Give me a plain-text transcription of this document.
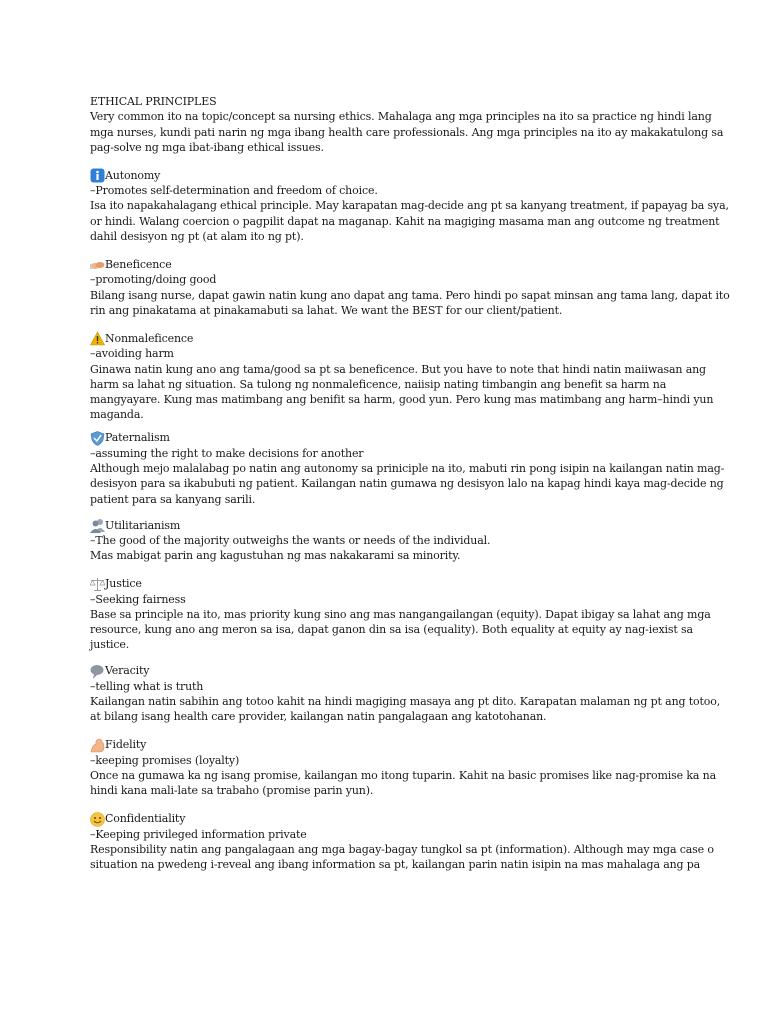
ETHICAL PRINCIPLES
Very common ito na topic/concept sa nursing ethics. Mahalaga ang mga principles na ito sa practice ng hindi lang
mga nurses, kundi pati narin ng mga ibang health care professionals. Ang mga principles na ito ay makakatulong sa
pag-solve ng mga ibat-ibang ethical issues.
Autonomy
–Promotes self-determination and freedom of choice.
Isa ito napakahalagang ethical principle. May karapatan mag-decide ang pt sa kanyang treatment, if papayag ba sya,
or hindi. Walang coercion o pagpilit dapat na maganap. Kahit na magiging masama man ang outcome ng treatment
dahil desisyon ng pt (at alam ito ng pt).
Beneficence
–promoting/doing good
Bilang isang nurse, dapat gawin natin kung ano dapat ang tama. Pero hindi po sapat minsan ang tama lang, dapat ito
rin ang pinakatama at pinakamabuti sa lahat. We want the BEST for our client/patient.
Nonmaleficence
–avoiding harm
Ginawa natin kung ano ang tama/good sa pt sa beneficence. But you have to note that hindi natin maiiwasan ang
harm sa lahat ng situation. Sa tulong ng nonmaleficence, naiisip nating timbangin ang benefit sa harm na
mangyayare. Kung mas matimbang ang benifit sa harm, good yun. Pero kung mas matimbang ang harm–hindi yun
maganda.
Paternalism
–assuming the right to make decisions for another
Although mejo malalabag po natin ang autonomy sa priniciple na ito, mabuti rin pong isipin na kailangan natin mag-
desisyon para sa ikabubuti ng patient. Kailangan natin gumawa ng desisyon lalo na kapag hindi kaya mag-decide ng
patient para sa kanyang sarili.
Utilitarianism
–The good of the majority outweighs the wants or needs of the individual.
Mas mabigat parin ang kagustuhan ng mas nakakarami sa minority.
Justice
–Seeking fairness
Base sa principle na ito, mas priority kung sino ang mas nangangailangan (equity). Dapat ibigay sa lahat ang mga
resource, kung ano ang meron sa isa, dapat ganon din sa isa (equality). Both equality at equity ay nag-iexist sa
justice.
Veracity
–telling what is truth
Kailangan natin sabihin ang totoo kahit na hindi magiging masaya ang pt dito. Karapatan malaman ng pt ang totoo,
at bilang isang health care provider, kailangan natin pangalagaan ang katotohanan.
Fidelity
–keeping promises (loyalty)
Once na gumawa ka ng isang promise, kailangan mo itong tuparin. Kahit na basic promises like nag-promise ka na
hindi kana mali-late sa trabaho (promise parin yun).
Confidentiality
–Keeping privileged information private
Responsibility natin ang pangalagaan ang mga bagay-bagay tungkol sa pt (information). Although may mga case o
situation na pwedeng i-reveal ang ibang information sa pt, kailangan parin natin isipin na mas mahalaga ang pa
